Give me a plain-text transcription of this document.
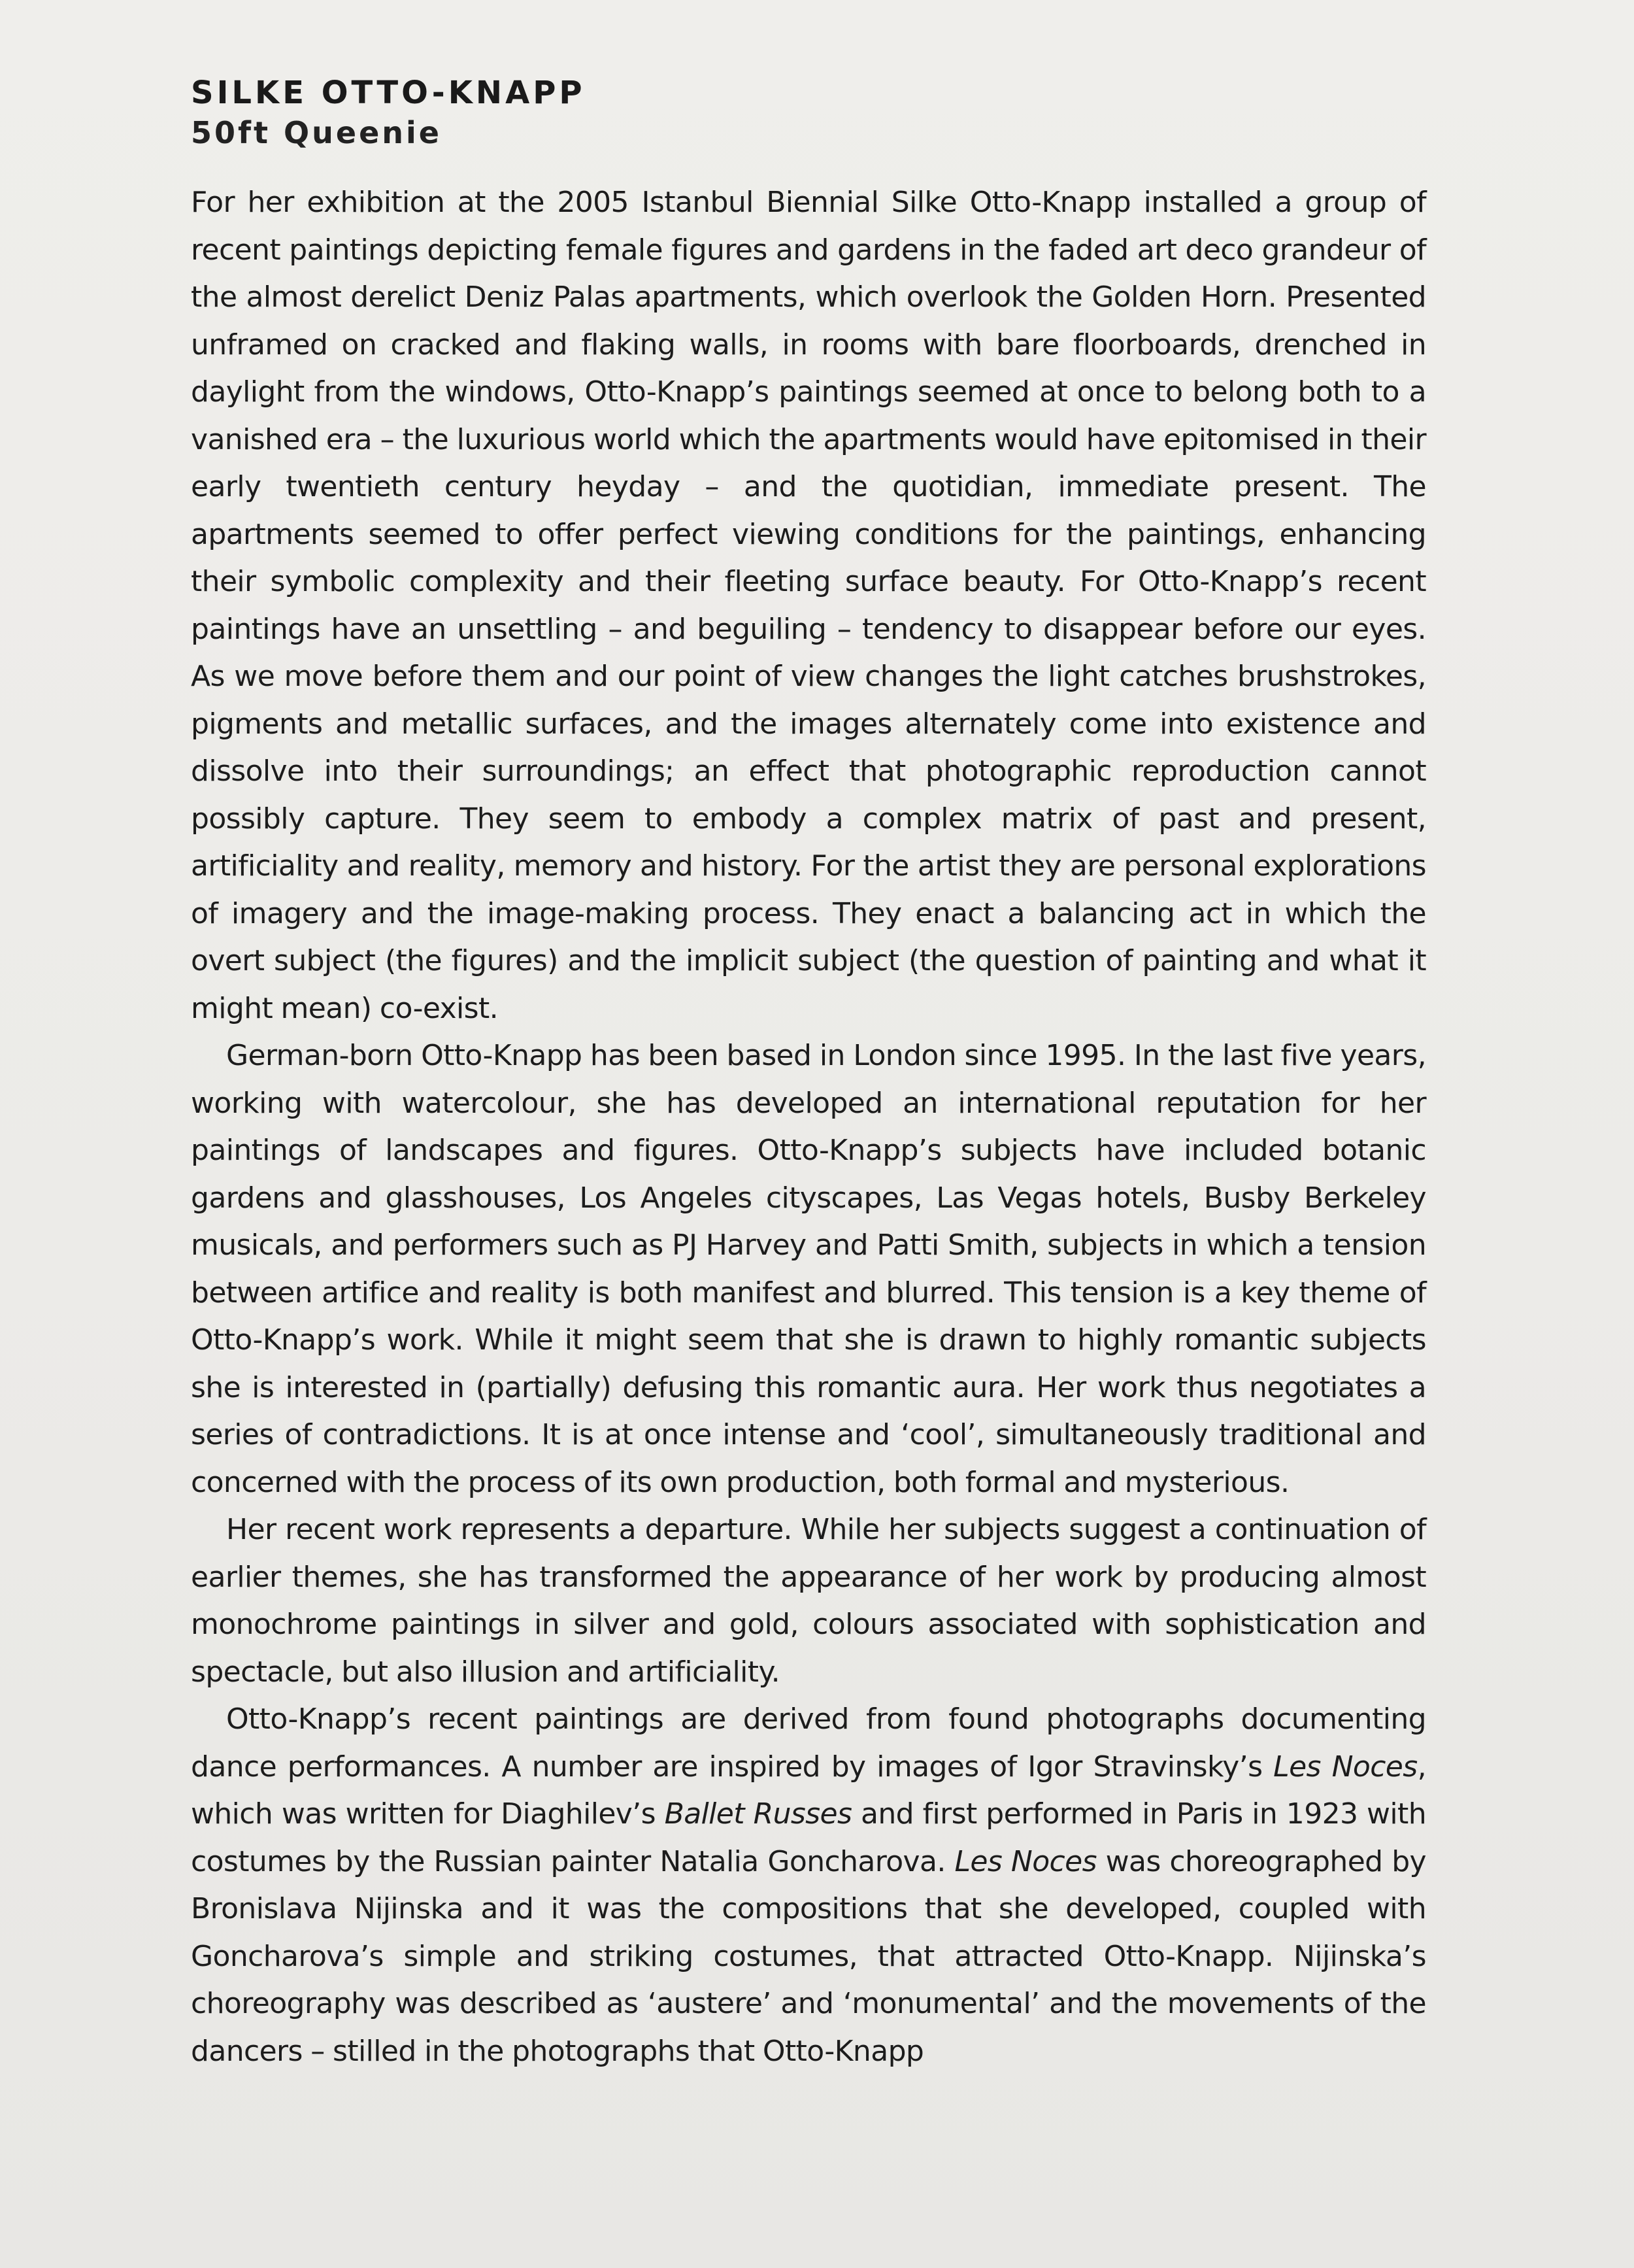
SILKE OTTO-KNAPP
50ft Queenie

For her exhibition at the 2005 Istanbul Biennial Silke Otto-Knapp installed a group of recent paintings depicting female figures and gardens in the faded art deco grandeur of the almost derelict Deniz Palas apartments, which overlook the Golden Horn. Presented unframed on cracked and flaking walls, in rooms with bare floorboards, drenched in daylight from the windows, Otto-Knapp’s paintings seemed at once to belong both to a vanished era – the luxurious world which the apartments would have epitomised in their early twentieth century heyday – and the quotidian, immediate present. The apartments seemed to offer perfect viewing conditions for the paintings, enhancing their symbolic complexity and their fleeting surface beauty. For Otto-Knapp’s recent paintings have an unsettling – and beguiling – tendency to disappear before our eyes. As we move before them and our point of view changes the light catches brushstrokes, pigments and metallic surfaces, and the images alternately come into existence and dissolve into their surroundings; an effect that photographic reproduction cannot possibly capture. They seem to embody a complex matrix of past and present, artificiality and reality, memory and history. For the artist they are personal explorations of imagery and the image-making process. They enact a balancing act in which the overt subject (the figures) and the implicit subject (the question of painting and what it might mean) co-exist.

German-born Otto-Knapp has been based in London since 1995. In the last five years, working with watercolour, she has developed an international reputation for her paintings of landscapes and figures. Otto-Knapp’s subjects have included botanic gardens and glasshouses, Los Angeles cityscapes, Las Vegas hotels, Busby Berkeley musicals, and performers such as PJ Harvey and Patti Smith, subjects in which a tension between artifice and reality is both manifest and blurred. This tension is a key theme of Otto-Knapp’s work. While it might seem that she is drawn to highly romantic subjects she is interested in (partially) defusing this romantic aura. Her work thus negotiates a series of contradictions. It is at once intense and ‘cool’, simultaneously traditional and concerned with the process of its own production, both formal and mysterious.

Her recent work represents a departure. While her subjects suggest a continuation of earlier themes, she has transformed the appearance of her work by producing almost monochrome paintings in silver and gold, colours associated with sophistication and spectacle, but also illusion and artificiality.

Otto-Knapp’s recent paintings are derived from found photographs documenting dance performances. A number are inspired by images of Igor Stravinsky’s Les Noces, which was written for Diaghilev’s Ballet Russes and first performed in Paris in 1923 with costumes by the Russian painter Natalia Goncharova. Les Noces was choreographed by Bronislava Nijinska and it was the compositions that she developed, coupled with Goncharova’s simple and striking costumes, that attracted Otto-Knapp. Nijinska’s choreography was described as ‘austere’ and ‘monumental’ and the movements of the dancers – stilled in the photographs that Otto-Knapp
